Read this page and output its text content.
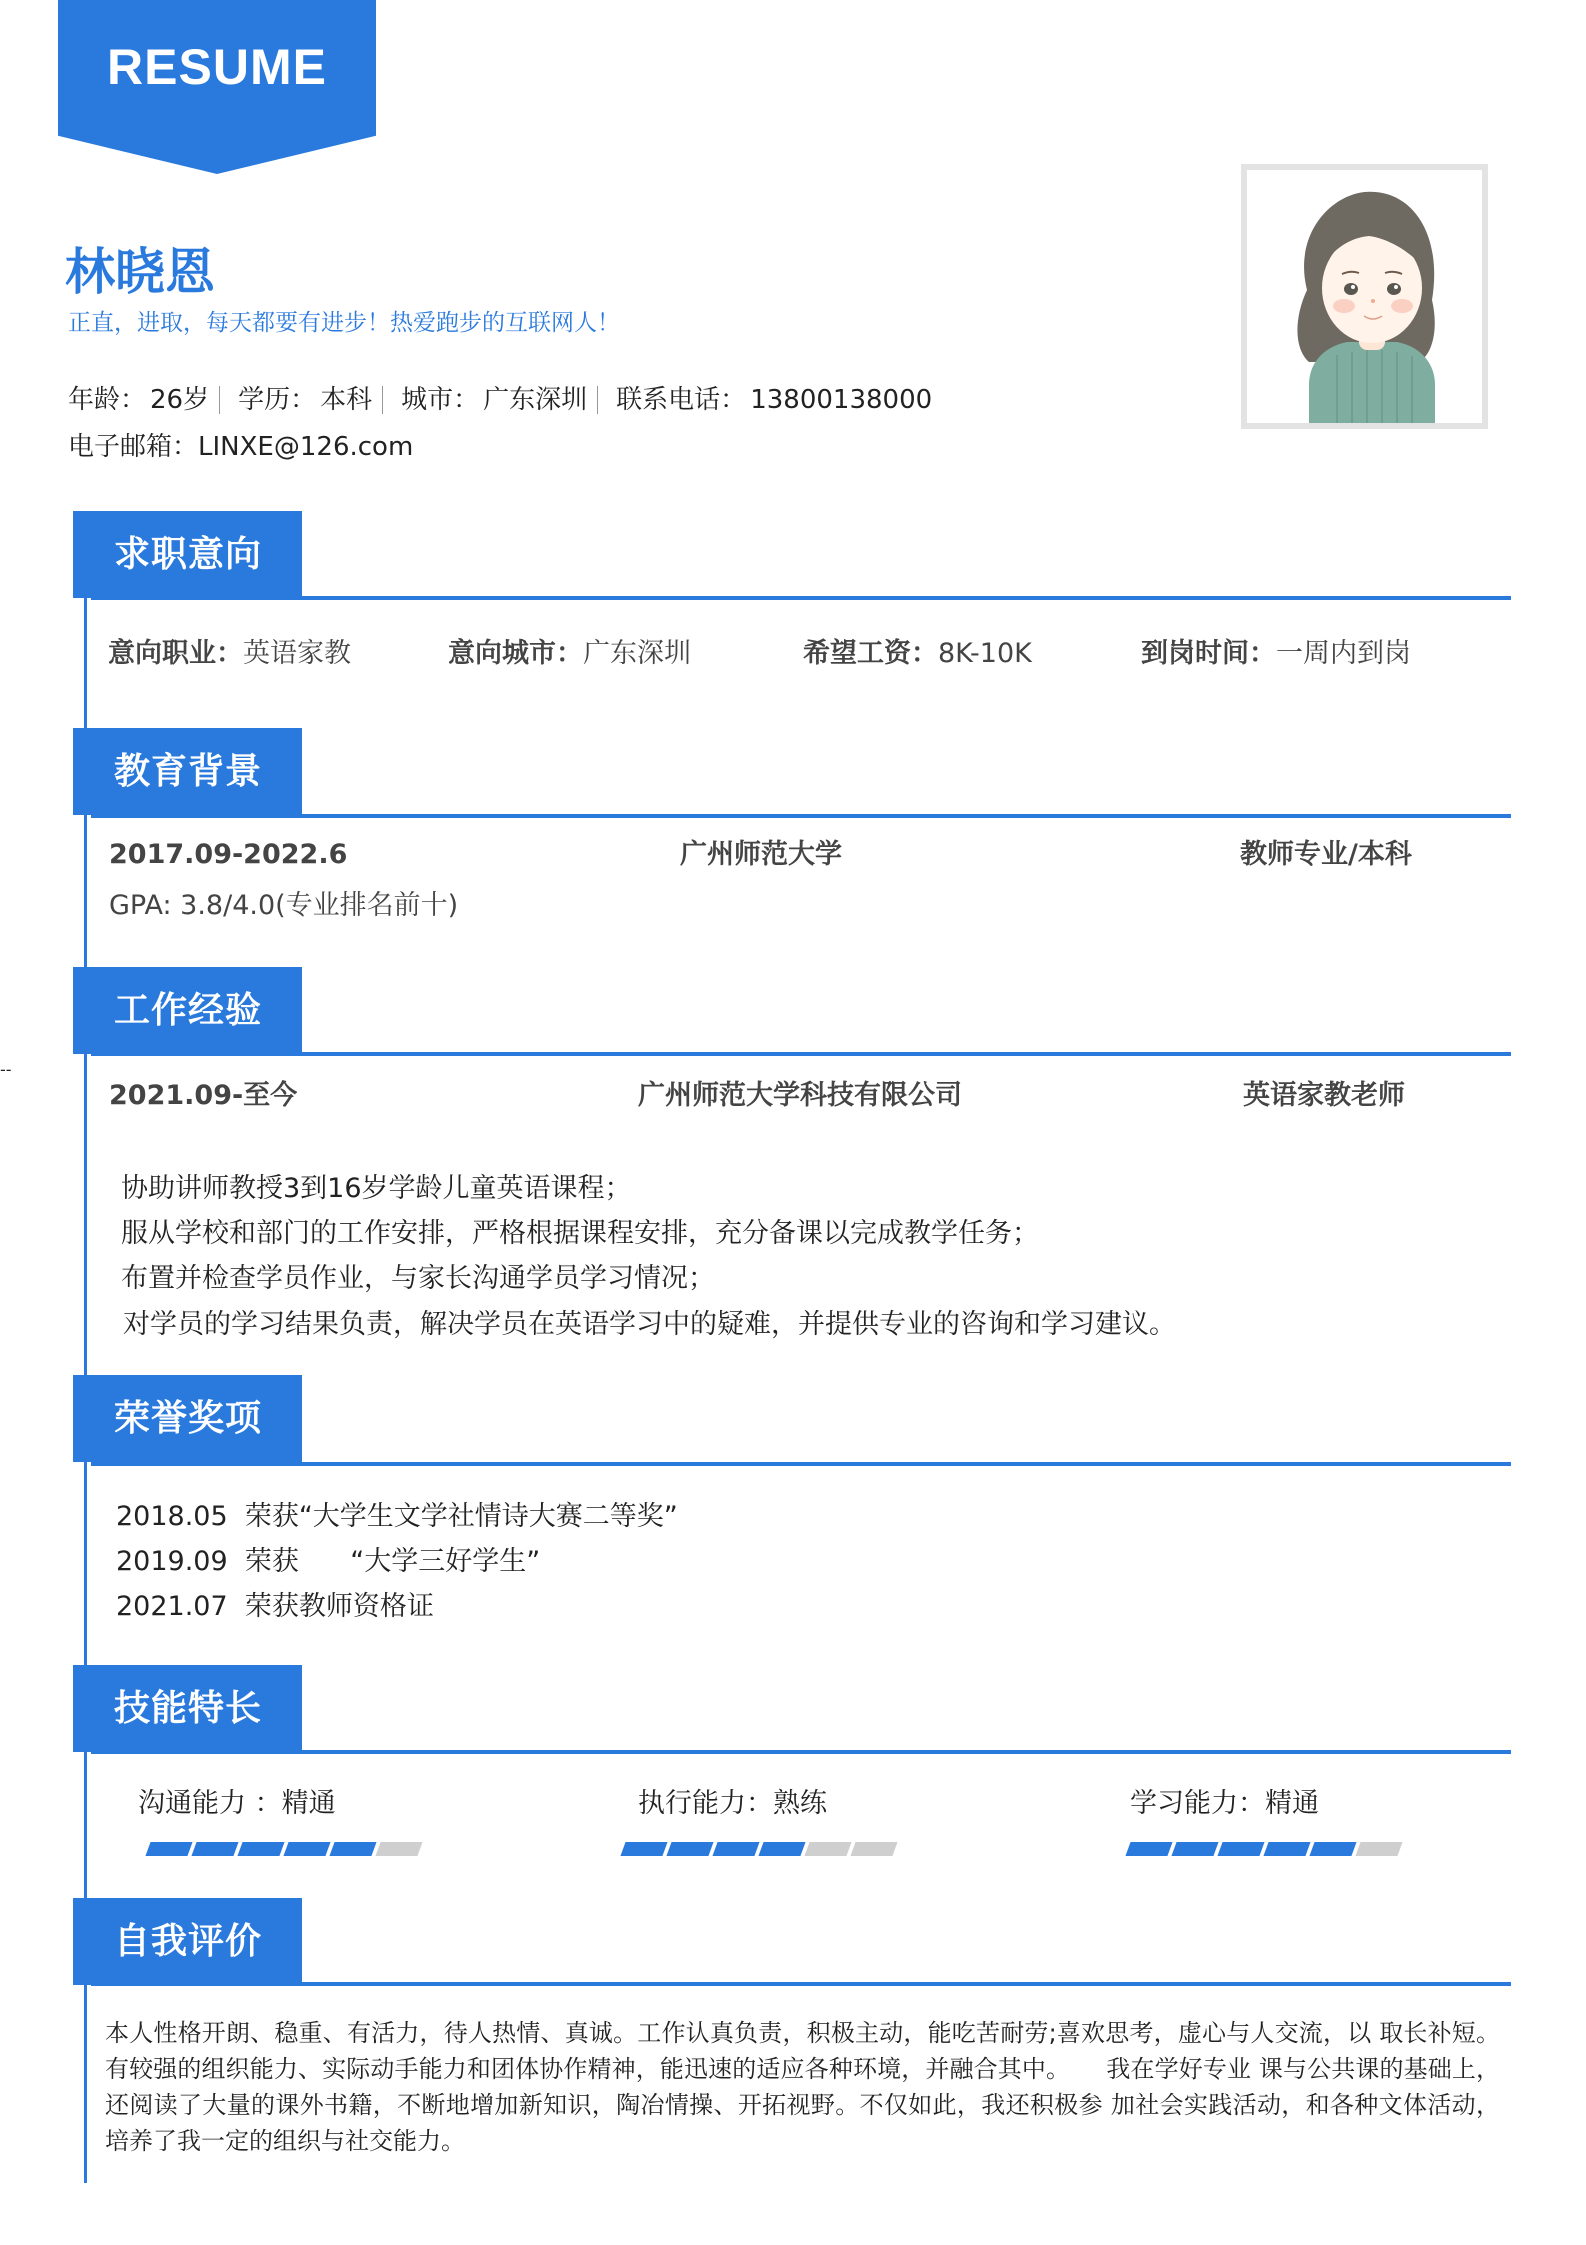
RESUME
林晓恩
正直，进取，每天都要有进步！热爱跑步的互联网人！
年龄： 26岁 学历： 本科 城市： 广东深圳 联系电话： 13800138000
电子邮箱：LINXE@126.com
--
求职意向
意向职业：英语家教	意向城市：广东深圳	希望工资：8K-10K	到岗时间：一周内到岗
教育背景
2017.09-2022.6	广州师范大学	教师专业/本科
GPA: 3.8/4.0(专业排名前十)
工作经验
2021.09-至今	广州师范大学科技有限公司	英语家教老师
协助讲师教授3到16岁学龄儿童英语课程；
服从学校和部门的工作安排，严格根据课程安排，充分备课以完成教学任务；
布置并检查学员作业，与家长沟通学员学习情况；
对学员的学习结果负责，解决学员在英语学习中的疑难，并提供专业的咨询和学习建议。
荣誉奖项
2018.05  荣获“大学生文学社情诗大赛二等奖”
2019.09  荣获      “大学三好学生”
2021.07  荣获教师资格证
技能特长
沟通能力 ：精通	执行能力：熟练	学习能力：精通
自我评价
本人性格开朗、稳重、有活力，待人热情、真诚。工作认真负责，积极主动，能吃苦耐劳;喜欢思考，虚心与人交流，以 取长补短。有较强的组织能力、实际动手能力和团体协作精神，能迅速的适应各种环境，并融合其中。　　我在学好专业 课与公共课的基础上，还阅读了大量的课外书籍，不断地增加新知识，陶冶情操、开拓视野。不仅如此，我还积极参 加社会实践活动，和各种文体活动，培养了我一定的组织与社交能力。
